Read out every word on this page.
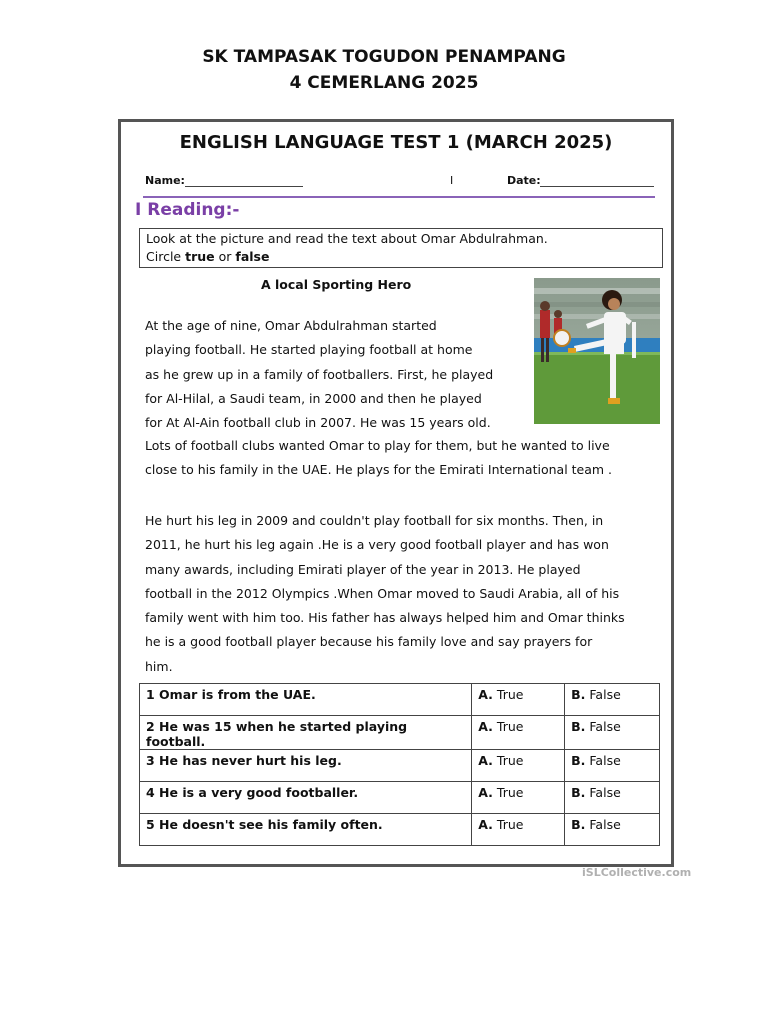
SK TAMPASAK TOGUDON PENAMPANG
4 CEMERLANG 2025
ENGLISH LANGUAGE TEST 1 (MARCH 2025)
Name:	I	Date:
I Reading:-
Look at the picture and read the text about Omar Abdulrahman.
Circle true or false
A local Sporting Hero
At the age of nine, Omar Abdulrahman started
playing football. He started playing football at home
as he grew up in a family of footballers. First, he played
for Al-Hilal, a Saudi team, in 2000 and then he played
for At Al-Ain football club in 2007. He was 15 years old.
Lots of football clubs wanted Omar to play for them, but he wanted to live
close to his family in the UAE. He plays for the Emirati International team .
He hurt his leg in 2009 and couldn't play football for six months. Then, in
2011, he hurt his leg again .He is a very good football player and has won
many awards, including Emirati player of the year in 2013. He played
football in the 2012 Olympics .When Omar moved to Saudi Arabia, all of his
family went with him too. His father has always helped him and Omar thinks
he is a good football player because his family love and say prayers for
him.
1 Omar is from the UAE.	A. True	B. False
2 He was 15 when he started playing football.	A. True	B. False
3 He has never hurt his leg.	A. True	B. False
4 He is a very good footballer.	A. True	B. False
5 He doesn't see his family often.	A. True	B. False
iSLCollective.com
